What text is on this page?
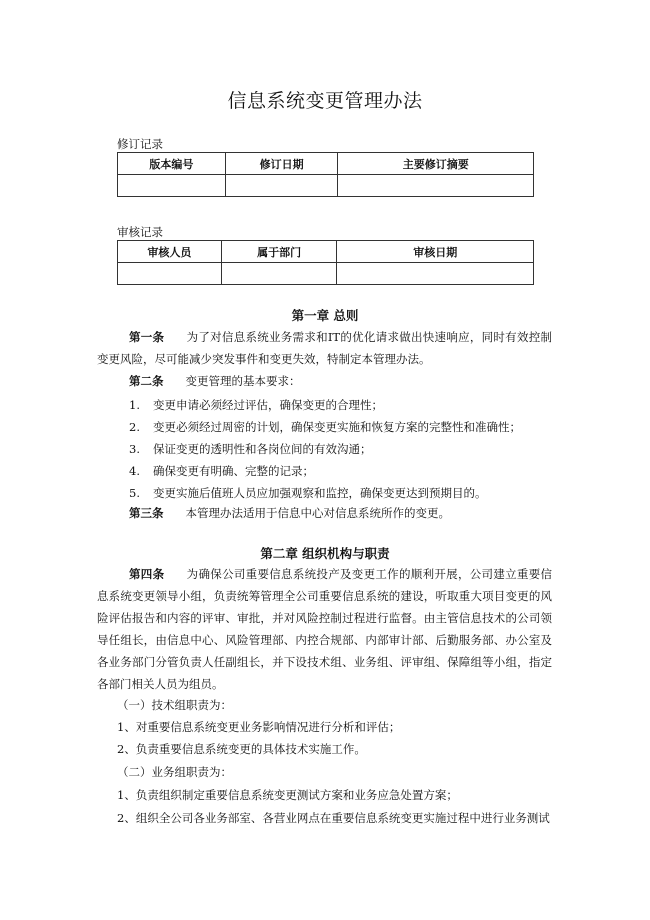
信息系统变更管理办法
修订记录
版本编号	修订日期	主要修订摘要

审核记录
审核人员	属于部门	审核日期

第一章 总则
第一条 为了对信息系统业务需求和IT的优化请求做出快速响应，同时有效控制变更风险，尽可能减少突发事件和变更失效，特制定本管理办法。
第二条 变更管理的基本要求：
1. 变更申请必须经过评估，确保变更的合理性；
2. 变更必须经过周密的计划，确保变更实施和恢复方案的完整性和准确性；
3. 保证变更的透明性和各岗位间的有效沟通；
4. 确保变更有明确、完整的记录；
5. 变更实施后值班人员应加强观察和监控，确保变更达到预期目的。
第三条 本管理办法适用于信息中心对信息系统所作的变更。
第二章 组织机构与职责
第四条 为确保公司重要信息系统投产及变更工作的顺利开展，公司建立重要信息系统变更领导小组，负责统筹管理全公司重要信息系统的建设，听取重大项目变更的风险评估报告和内容的评审、审批，并对风险控制过程进行监督。由主管信息技术的公司领导任组长，由信息中心、风险管理部、内控合规部、内部审计部、后勤服务部、办公室及各业务部门分管负责人任副组长，并下设技术组、业务组、评审组、保障组等小组，指定各部门相关人员为组员。
（一）技术组职责为：
1、对重要信息系统变更业务影响情况进行分析和评估；
2、负责重要信息系统变更的具体技术实施工作。
（二）业务组职责为：
1、负责组织制定重要信息系统变更测试方案和业务应急处置方案；
2、组织全公司各业务部室、各营业网点在重要信息系统变更实施过程中进行业务测试
